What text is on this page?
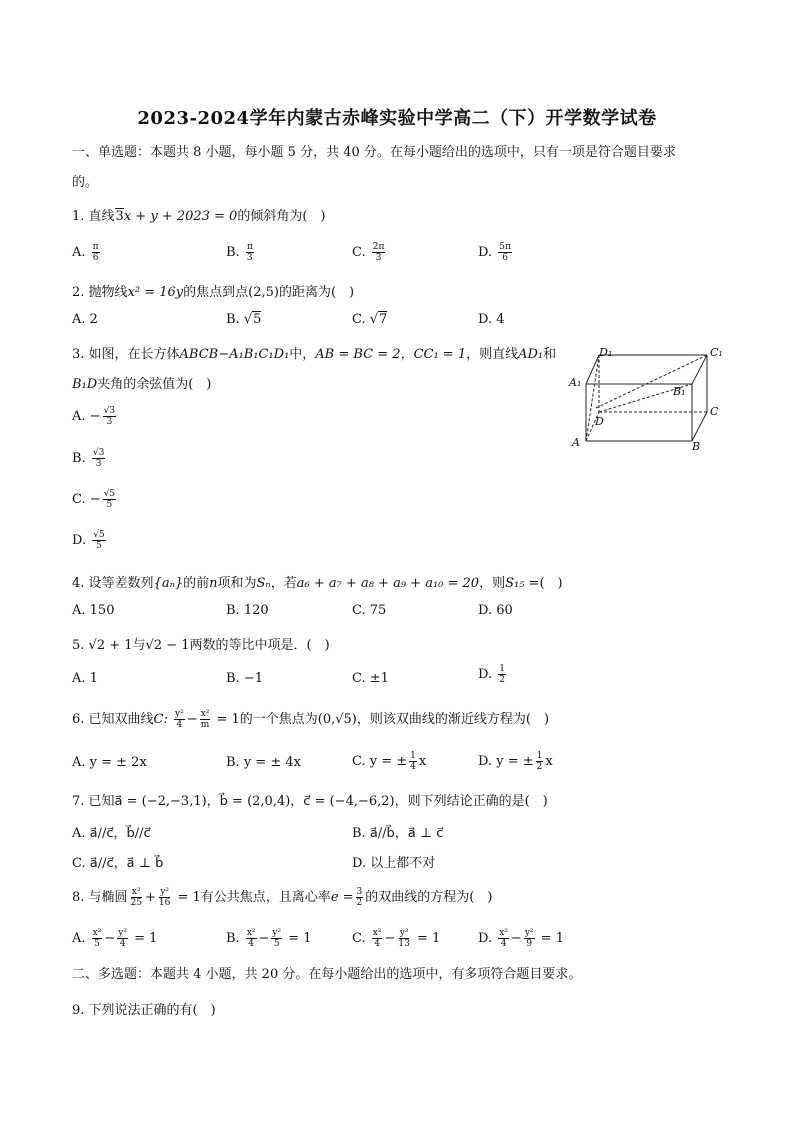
2023-2024学年内蒙古赤峰实验中学高二（下）开学数学试卷
一、单选题：本题共 8 小题，每小题 5 分，共 40 分。在每小题给出的选项中，只有一项是符合题目要求
的。
1. 直线3x + y + 2023 = 0的倾斜角为(　)
A. $\frac{\pi}{6}$	B. $\frac{\pi}{3}$	C. $\frac{2\pi}{3}$	D. $\frac{5\pi}{6}$
2. 抛物线x² = 16y的焦点到点(2,5)的距离为(　)
A. 2	B. √5	C. √7	D. 4
3. 如图，在长方体ABCB−A₁B₁C₁D₁中，AB = BC = 2，CC₁ = 1，则直线AD₁和
B₁D夹角的余弦值为(　)
A. − $\frac{√3}{3}$
B. $\frac{√3}{3}$
C. − $\frac{√5}{5}$
D. $\frac{√5}{5}$
D₁	C₁
A₁
B₁
C
D
A	B
4. 设等差数列{aₙ}的前n项和为Sₙ，若a₆ + a₇ + a₈ + a₉ + a₁₀ = 20，则S₁₅ =(　)
A. 150	B. 120	C. 75	D. 60
5. √2 + 1与√2 − 1两数的等比中项是．(　)
A. 1	B. −1	C. ±1	D. $\frac{1}{2}$
6. 已知双曲线C: $\frac{\text{y²}}{4} - \frac{\text{x²}}{m} = 1$的一个焦点为(0,√5)，则该双曲线的渐近线方程为(　)
A. y = ± 2x	B. y = ± 4x	C. y = ± $\frac{1}{4}$ x	D. y = ± $\frac{1}{2}$ x
7. 已知a⃗ = (−2,−3,1)，b⃗ = (2,0,4)，c⃗ = (−4,−6,2)，则下列结论正确的是(　)
A. a⃗//c⃗，b⃗//c⃗	B. a⃗//b⃗，a⃗ ⊥ c⃗
C. a⃗//c⃗，a⃗ ⊥ b⃗	D. 以上都不对
8. 与椭圆 $\frac{\text{x²}}{25} + \frac{\text{y²}}{16} = 1$有公共焦点，且离心率$e = \frac{3}{2}$ 的双曲线的方程为(　)
A. $\frac{\text{x²}}{5} - \frac{\text{y²}}{4} = 1$	B. $\frac{\text{x²}}{4} - \frac{\text{y²}}{5} = 1$	C. $\frac{\text{x²}}{4} - \frac{\text{y²}}{13} = 1$	D. $\frac{\text{x²}}{4} - \frac{\text{y²}}{9} = 1$
二、多选题：本题共 4 小题，共 20 分。在每小题给出的选项中，有多项符合题目要求。
9. 下列说法正确的有(　)
